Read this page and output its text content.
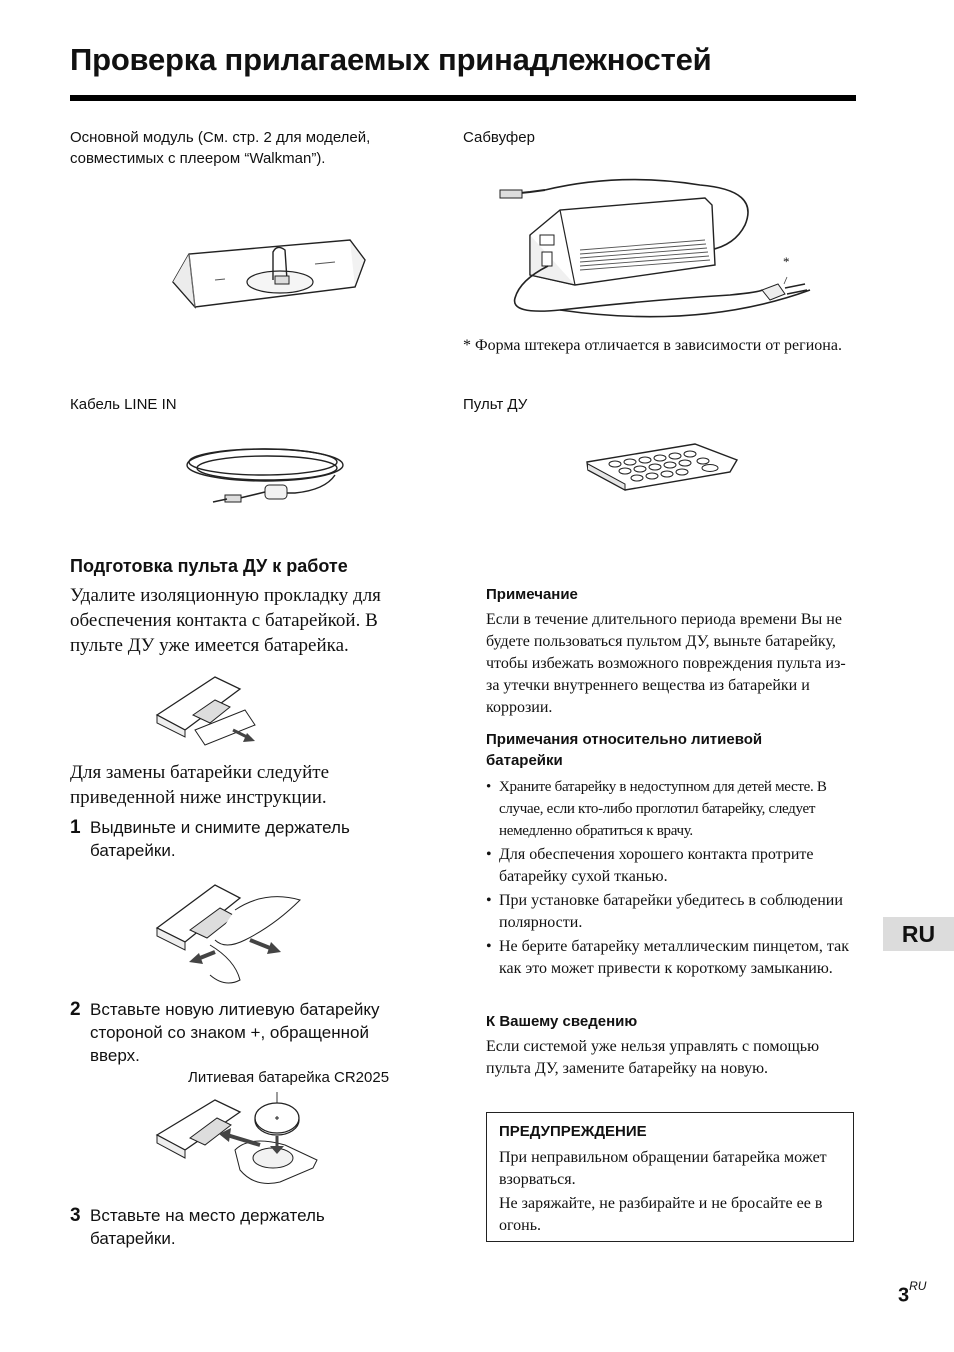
Проверка прилагаемых принадлежностей
Основной модуль (См. стр. 2 для моделей, совместимых с плеером “Walkman”).
Сабвуфер
*
* Форма штекера отличается в зависимости от региона.
Кабель LINE IN	Пульт ДУ
Подготовка пульта ДУ к работе
Удалите изоляционную прокладку для обеспечения контакта с батарейкой. В пульте ДУ уже имеется батарейка.
Для замены батарейки следуйте приведенной ниже инструкции.
1 Выдвиньте и снимите держатель батарейки.
2 Вставьте новую литиевую батарейку стороной со знаком +, обращенной вверх.
Литиевая батарейка CR2025
3 Вставьте на место держатель батарейки.
Примечание
Если в течение длительного периода времени Вы не будете пользоваться пультом ДУ, выньте батарейку, чтобы избежать возможного повреждения пульта из-за утечки внутреннего вещества из батарейки и коррозии.
Примечания относительно литиевой батарейки
• Храните батарейку в недоступном для детей месте. В случае, если кто-либо проглотил батарейку, следует немедленно обратиться к врачу.
• Для обеспечения хорошего контакта протрите батарейку сухой тканью.
• При установке батарейки убедитесь в соблюдении полярности.
• Не берите батарейку металлическим пинцетом, так как это может привести к короткому замыканию.
К Вашему сведению
Если системой уже нельзя управлять с помощью пульта ДУ, замените батарейку на новую.
ПРЕДУПРЕЖДЕНИЕ
При неправильном обращении батарейка может взорваться.
Не заряжайте, не разбирайте и не бросайте ее в огонь.
RU
$3^{RU}$
